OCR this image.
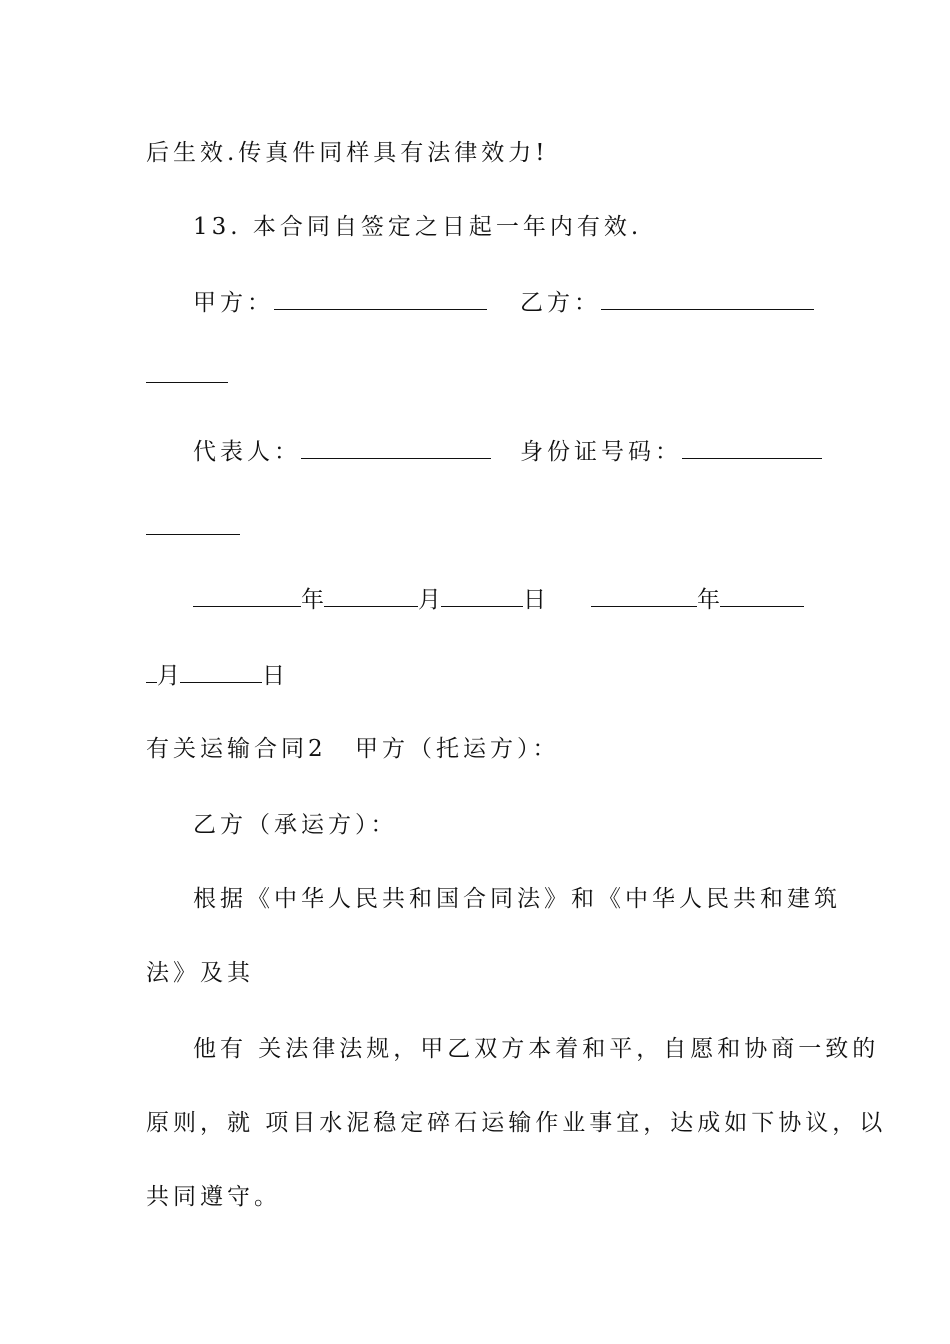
后生效.传真件同样具有法律效力!
13. 本合同自签定之日起一年内有效.
甲方：	乙方：
代表人：	身份证号码：
年	月	日	年
月	日
有关运输合同2 甲方（托运方）：
乙方（承运方）：
根据《中华人民共和国合同法》和《中华人民共和建筑
法》及其
他有 关法律法规，甲乙双方本着和平，自愿和协商一致的
原则，就 项目水泥稳定碎石运输作业事宜，达成如下协议，以
共同遵守。
